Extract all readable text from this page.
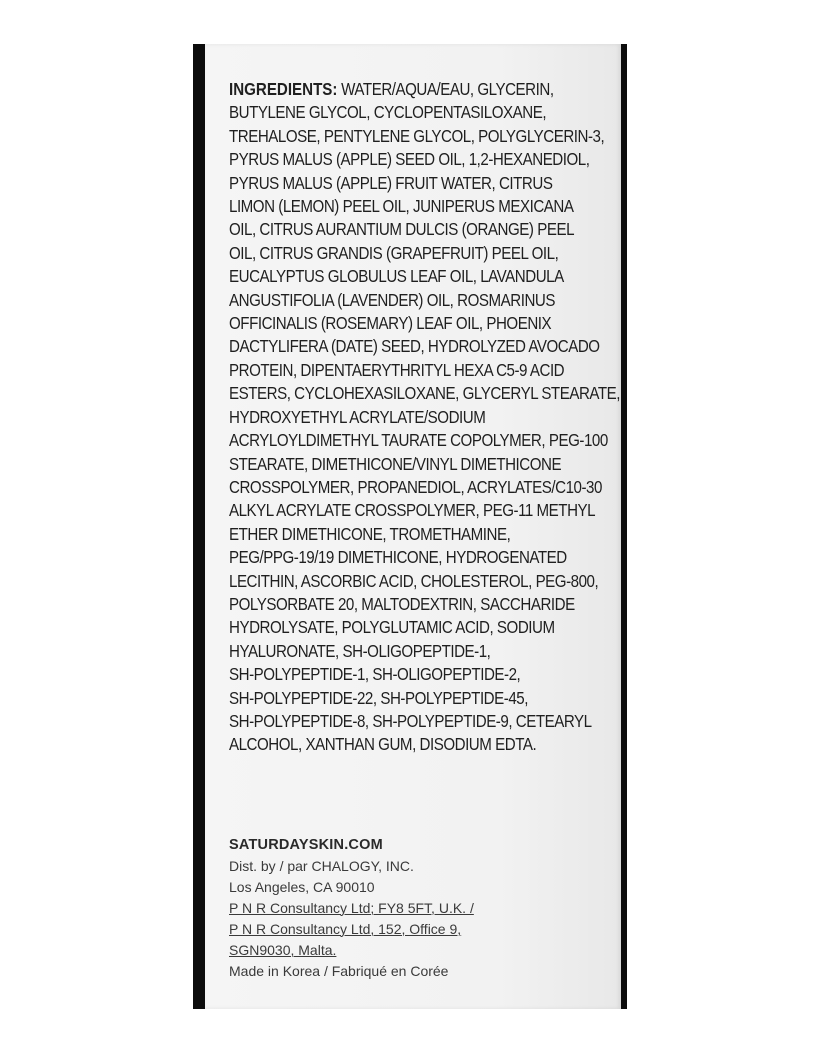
INGREDIENTS: WATER/AQUA/EAU, GLYCERIN,
BUTYLENE GLYCOL, CYCLOPENTASILOXANE,
TREHALOSE, PENTYLENE GLYCOL, POLYGLYCERIN-3,
PYRUS MALUS (APPLE) SEED OIL, 1,2-HEXANEDIOL,
PYRUS MALUS (APPLE) FRUIT WATER, CITRUS
LIMON (LEMON) PEEL OIL, JUNIPERUS MEXICANA
OIL, CITRUS AURANTIUM DULCIS (ORANGE) PEEL
OIL, CITRUS GRANDIS (GRAPEFRUIT) PEEL OIL,
EUCALYPTUS GLOBULUS LEAF OIL, LAVANDULA
ANGUSTIFOLIA (LAVENDER) OIL, ROSMARINUS
OFFICINALIS (ROSEMARY) LEAF OIL, PHOENIX
DACTYLIFERA (DATE) SEED, HYDROLYZED AVOCADO
PROTEIN, DIPENTAERYTHRITYL HEXA C5-9 ACID
ESTERS, CYCLOHEXASILOXANE, GLYCERYL STEARATE,
HYDROXYETHYL ACRYLATE/SODIUM
ACRYLOYLDIMETHYL TAURATE COPOLYMER, PEG-100
STEARATE, DIMETHICONE/VINYL DIMETHICONE
CROSSPOLYMER, PROPANEDIOL, ACRYLATES/C10-30
ALKYL ACRYLATE CROSSPOLYMER, PEG-11 METHYL
ETHER DIMETHICONE, TROMETHAMINE,
PEG/PPG-19/19 DIMETHICONE, HYDROGENATED
LECITHIN, ASCORBIC ACID, CHOLESTEROL, PEG-800,
POLYSORBATE 20, MALTODEXTRIN, SACCHARIDE
HYDROLYSATE, POLYGLUTAMIC ACID, SODIUM
HYALURONATE, SH-OLIGOPEPTIDE-1,
SH-POLYPEPTIDE-1, SH-OLIGOPEPTIDE-2,
SH-POLYPEPTIDE-22, SH-POLYPEPTIDE-45,
SH-POLYPEPTIDE-8, SH-POLYPEPTIDE-9, CETEARYL
ALCOHOL, XANTHAN GUM, DISODIUM EDTA.
SATURDAYSKIN.COM
Dist. by / par CHALOGY, INC.
Los Angeles, CA 90010
P N R Consultancy Ltd; FY8 5FT, U.K. /
P N R Consultancy Ltd, 152, Office 9,
SGN9030, Malta.
Made in Korea / Fabriqué en Corée
